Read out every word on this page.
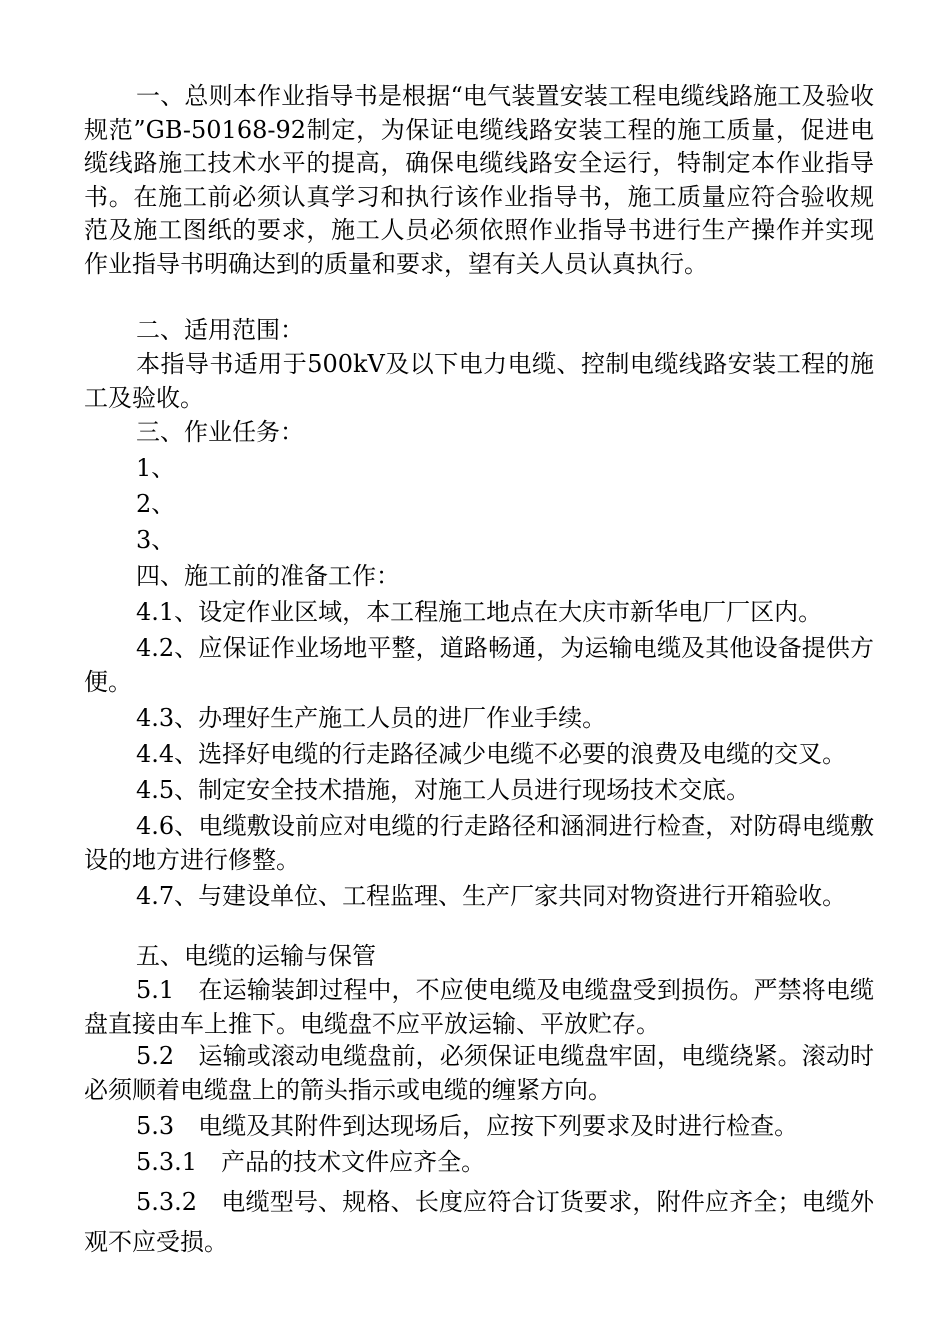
一、总则本作业指导书是根据“电气装置安装工程电缆线路施工及验收规范”GB-50168-92制定，为保证电缆线路安装工程的施工质量，促进电缆线路施工技术水平的提高，确保电缆线路安全运行，特制定本作业指导书。在施工前必须认真学习和执行该作业指导书，施工质量应符合验收规范及施工图纸的要求，施工人员必须依照作业指导书进行生产操作并实现作业指导书明确达到的质量和要求，望有关人员认真执行。

二、适用范围：

本指导书适用于500kV及以下电力电缆、控制电缆线路安装工程的施工及验收。

三、作业任务：

1、

2、

3、

四、施工前的准备工作：

4.1、设定作业区域，本工程施工地点在大庆市新华电厂厂区内。

4.2、应保证作业场地平整，道路畅通，为运输电缆及其他设备提供方便。

4.3、办理好生产施工人员的进厂作业手续。

4.4、选择好电缆的行走路径减少电缆不必要的浪费及电缆的交叉。

4.5、制定安全技术措施，对施工人员进行现场技术交底。

4.6、电缆敷设前应对电缆的行走路径和涵洞进行检查，对防碍电缆敷设的地方进行修整。

4.7、与建设单位、工程监理、生产厂家共同对物资进行开箱验收。

五、电缆的运输与保管

5.1　在运输装卸过程中，不应使电缆及电缆盘受到损伤。严禁将电缆盘直接由车上推下。电缆盘不应平放运输、平放贮存。

5.2　运输或滚动电缆盘前，必须保证电缆盘牢固，电缆绕紧。滚动时必须顺着电缆盘上的箭头指示或电缆的缠紧方向。

5.3　电缆及其附件到达现场后，应按下列要求及时进行检查。

5.3.1　产品的技术文件应齐全。

5.3.2　电缆型号、规格、长度应符合订货要求，附件应齐全；电缆外观不应受损。
